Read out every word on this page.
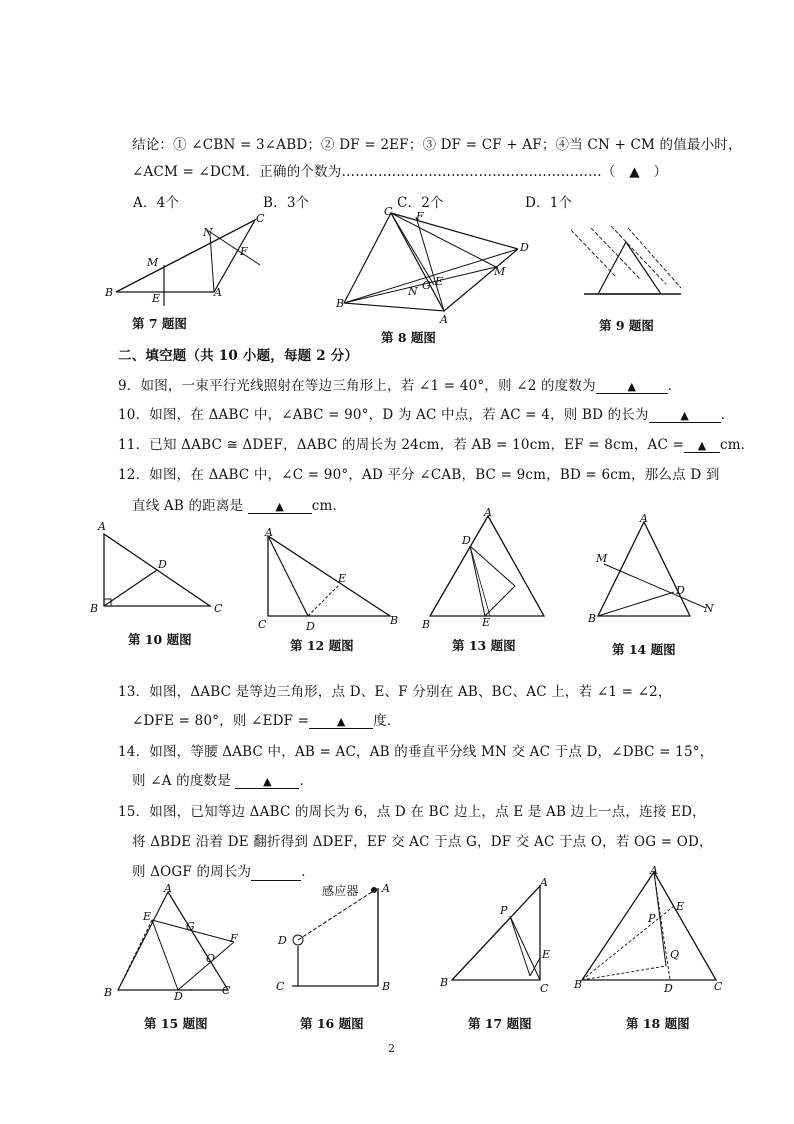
结论：① ∠CBN = 3∠ABD；② DF = 2EF；③ DF = CF + AF；④当 CN + CM 的值最小时，
∠ACM = ∠DCM．正确的个数为…………………………………………………（　▲　）
A．4个	B．3个	C．2个	D．1个
B	A
C
M
N
F
E
第 7 题图
C F
D
M
E
G
N
B
A
第 8 题图
第 9 题图
二、填空题（共 10 小题，每题 2 分）
9．如图，一束平行光线照射在等边三角形上，若 ∠1 = 40°，则 ∠2 的度数为	▲ ．
10．如图，在 ΔABC 中，∠ABC = 90°，D 为 AC 中点，若 AC = 4，则 BD 的长为	▲ ．
11．已知 ΔABC ≅ ΔDEF，ΔABC 的周长为 24cm，若 AB = 10cm，EF = 8cm，AC = ▲ cm．
12．如图，在 ΔABC 中，∠C = 90°，AD 平分 ∠CAB，BC = 9cm，BD = 6cm，那么点 D 到
直线 AB 的距离是	▲ cm．
A
D
B	C
第 10 题图
A
E
C	D	B
第 12 题图
A
D
E
B
第 13 题图
A
M
D
N
B
第 14 题图
13．如图，ΔABC 是等边三角形，点 D、E、F 分别在 AB、BC、AC 上，若 ∠1 = ∠2，
∠DFE = 80°，则 ∠EDF =	▲ 度．
14．如图，等腰 ΔABC 中，AB = AC，AB 的垂直平分线 MN 交 AC 于点 D，∠DBC = 15°，
则 ∠A 的度数是	▲ ．
15．如图，已知等边 ΔABC 的周长为 6，点 D 在 BC 边上，点 E 是 AB 边上一点，连接 ED，
将 ΔBDE 沿着 DE 翻折得到 ΔDEF，EF 交 AC 于点 G，DF 交 AC 于点 O，若 OG = OD，
则 ΔOGF 的周长为	．
A
E
G
F
O
B	D	C
第 15 题图
A
D
C	B
感应器
第 16 题图
A
P
E
B	C
第 17 题图
A
E
P
Q
B	D	C
第 18 题图
2
